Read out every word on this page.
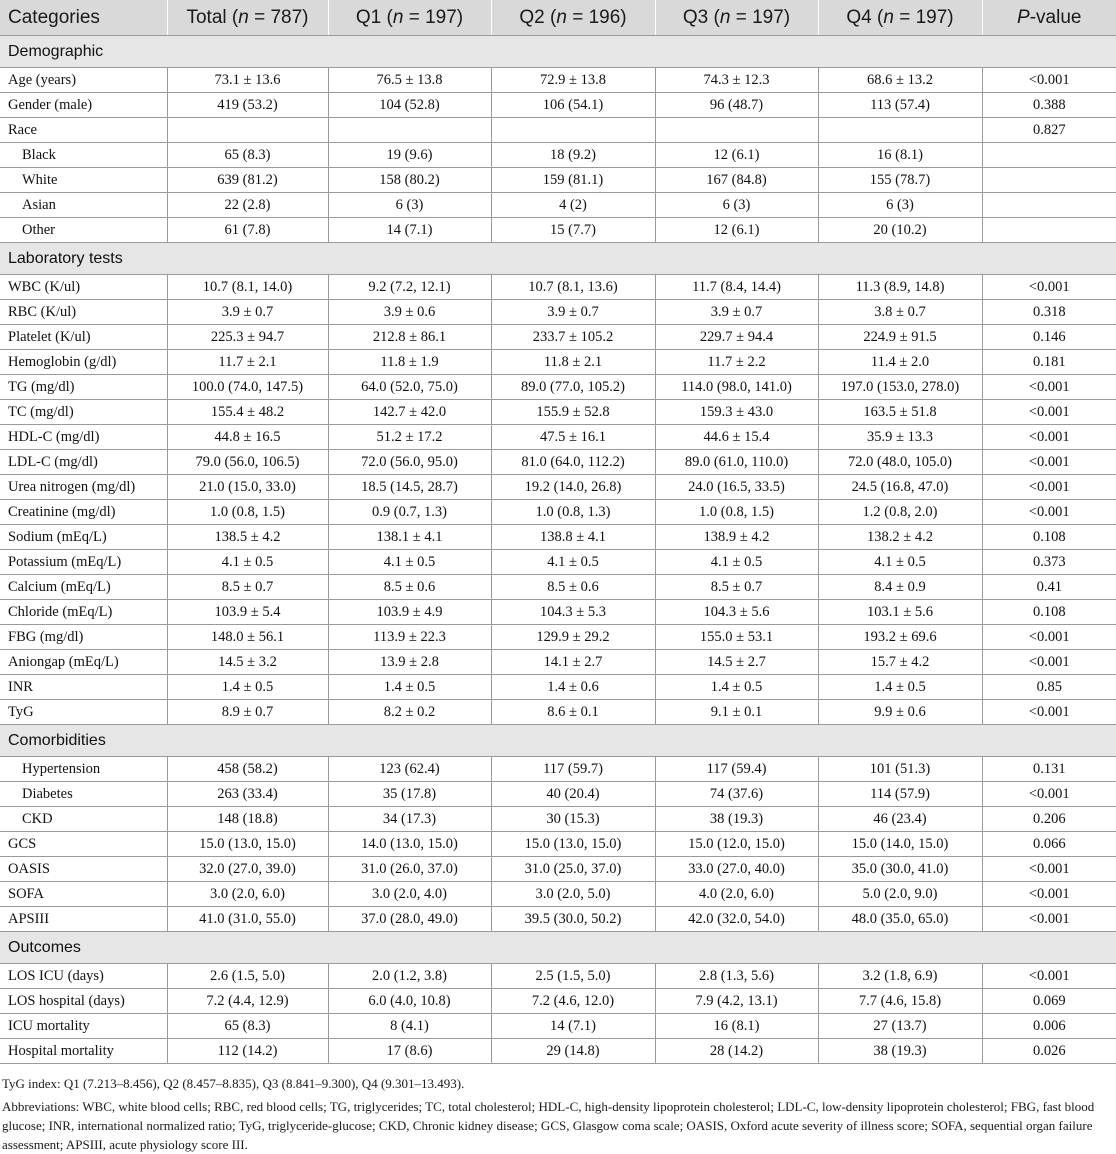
Categories	Total (n = 787)	Q1 (n = 197)	Q2 (n = 196)	Q3 (n = 197)	Q4 (n = 197)	P-value
Demographic						
Age (years)	73.1 ± 13.6	76.5 ± 13.8	72.9 ± 13.8	74.3 ± 12.3	68.6 ± 13.2	<0.001
Gender (male)	419 (53.2)	104 (52.8)	106 (54.1)	96 (48.7)	113 (57.4)	0.388
Race						0.827
Black	65 (8.3)	19 (9.6)	18 (9.2)	12 (6.1)	16 (8.1)	
White	639 (81.2)	158 (80.2)	159 (81.1)	167 (84.8)	155 (78.7)	
Asian	22 (2.8)	6 (3)	4 (2)	6 (3)	6 (3)	
Other	61 (7.8)	14 (7.1)	15 (7.7)	12 (6.1)	20 (10.2)	
Laboratory tests						
WBC (K/ul)	10.7 (8.1, 14.0)	9.2 (7.2, 12.1)	10.7 (8.1, 13.6)	11.7 (8.4, 14.4)	11.3 (8.9, 14.8)	<0.001
RBC (K/ul)	3.9 ± 0.7	3.9 ± 0.6	3.9 ± 0.7	3.9 ± 0.7	3.8 ± 0.7	0.318
Platelet (K/ul)	225.3 ± 94.7	212.8 ± 86.1	233.7 ± 105.2	229.7 ± 94.4	224.9 ± 91.5	0.146
Hemoglobin (g/dl)	11.7 ± 2.1	11.8 ± 1.9	11.8 ± 2.1	11.7 ± 2.2	11.4 ± 2.0	0.181
TG (mg/dl)	100.0 (74.0, 147.5)	64.0 (52.0, 75.0)	89.0 (77.0, 105.2)	114.0 (98.0, 141.0)	197.0 (153.0, 278.0)	<0.001
TC (mg/dl)	155.4 ± 48.2	142.7 ± 42.0	155.9 ± 52.8	159.3 ± 43.0	163.5 ± 51.8	<0.001
HDL-C (mg/dl)	44.8 ± 16.5	51.2 ± 17.2	47.5 ± 16.1	44.6 ± 15.4	35.9 ± 13.3	<0.001
LDL-C (mg/dl)	79.0 (56.0, 106.5)	72.0 (56.0, 95.0)	81.0 (64.0, 112.2)	89.0 (61.0, 110.0)	72.0 (48.0, 105.0)	<0.001
Urea nitrogen (mg/dl)	21.0 (15.0, 33.0)	18.5 (14.5, 28.7)	19.2 (14.0, 26.8)	24.0 (16.5, 33.5)	24.5 (16.8, 47.0)	<0.001
Creatinine (mg/dl)	1.0 (0.8, 1.5)	0.9 (0.7, 1.3)	1.0 (0.8, 1.3)	1.0 (0.8, 1.5)	1.2 (0.8, 2.0)	<0.001
Sodium (mEq/L)	138.5 ± 4.2	138.1 ± 4.1	138.8 ± 4.1	138.9 ± 4.2	138.2 ± 4.2	0.108
Potassium (mEq/L)	4.1 ± 0.5	4.1 ± 0.5	4.1 ± 0.5	4.1 ± 0.5	4.1 ± 0.5	0.373
Calcium (mEq/L)	8.5 ± 0.7	8.5 ± 0.6	8.5 ± 0.6	8.5 ± 0.7	8.4 ± 0.9	0.41
Chloride (mEq/L)	103.9 ± 5.4	103.9 ± 4.9	104.3 ± 5.3	104.3 ± 5.6	103.1 ± 5.6	0.108
FBG (mg/dl)	148.0 ± 56.1	113.9 ± 22.3	129.9 ± 29.2	155.0 ± 53.1	193.2 ± 69.6	<0.001
Aniongap (mEq/L)	14.5 ± 3.2	13.9 ± 2.8	14.1 ± 2.7	14.5 ± 2.7	15.7 ± 4.2	<0.001
INR	1.4 ± 0.5	1.4 ± 0.5	1.4 ± 0.6	1.4 ± 0.5	1.4 ± 0.5	0.85
TyG	8.9 ± 0.7	8.2 ± 0.2	8.6 ± 0.1	9.1 ± 0.1	9.9 ± 0.6	<0.001
Comorbidities						
Hypertension	458 (58.2)	123 (62.4)	117 (59.7)	117 (59.4)	101 (51.3)	0.131
Diabetes	263 (33.4)	35 (17.8)	40 (20.4)	74 (37.6)	114 (57.9)	<0.001
CKD	148 (18.8)	34 (17.3)	30 (15.3)	38 (19.3)	46 (23.4)	0.206
GCS	15.0 (13.0, 15.0)	14.0 (13.0, 15.0)	15.0 (13.0, 15.0)	15.0 (12.0, 15.0)	15.0 (14.0, 15.0)	0.066
OASIS	32.0 (27.0, 39.0)	31.0 (26.0, 37.0)	31.0 (25.0, 37.0)	33.0 (27.0, 40.0)	35.0 (30.0, 41.0)	<0.001
SOFA	3.0 (2.0, 6.0)	3.0 (2.0, 4.0)	3.0 (2.0, 5.0)	4.0 (2.0, 6.0)	5.0 (2.0, 9.0)	<0.001
APSIII	41.0 (31.0, 55.0)	37.0 (28.0, 49.0)	39.5 (30.0, 50.2)	42.0 (32.0, 54.0)	48.0 (35.0, 65.0)	<0.001
Outcomes						
LOS ICU (days)	2.6 (1.5, 5.0)	2.0 (1.2, 3.8)	2.5 (1.5, 5.0)	2.8 (1.3, 5.6)	3.2 (1.8, 6.9)	<0.001
LOS hospital (days)	7.2 (4.4, 12.9)	6.0 (4.0, 10.8)	7.2 (4.6, 12.0)	7.9 (4.2, 13.1)	7.7 (4.6, 15.8)	0.069
ICU mortality	65 (8.3)	8 (4.1)	14 (7.1)	16 (8.1)	27 (13.7)	0.006
Hospital mortality	112 (14.2)	17 (8.6)	29 (14.8)	28 (14.2)	38 (19.3)	0.026

TyG index: Q1 (7.213–8.456), Q2 (8.457–8.835), Q3 (8.841–9.300), Q4 (9.301–13.493).

Abbreviations: WBC, white blood cells; RBC, red blood cells; TG, triglycerides; TC, total cholesterol; HDL-C, high-density lipoprotein cholesterol; LDL-C, low-density lipoprotein cholesterol; FBG, fast blood glucose; INR, international normalized ratio; TyG, triglyceride-glucose; CKD, Chronic kidney disease; GCS, Glasgow coma scale; OASIS, Oxford acute severity of illness score; SOFA, sequential organ failure assessment; APSIII, acute physiology score III.
